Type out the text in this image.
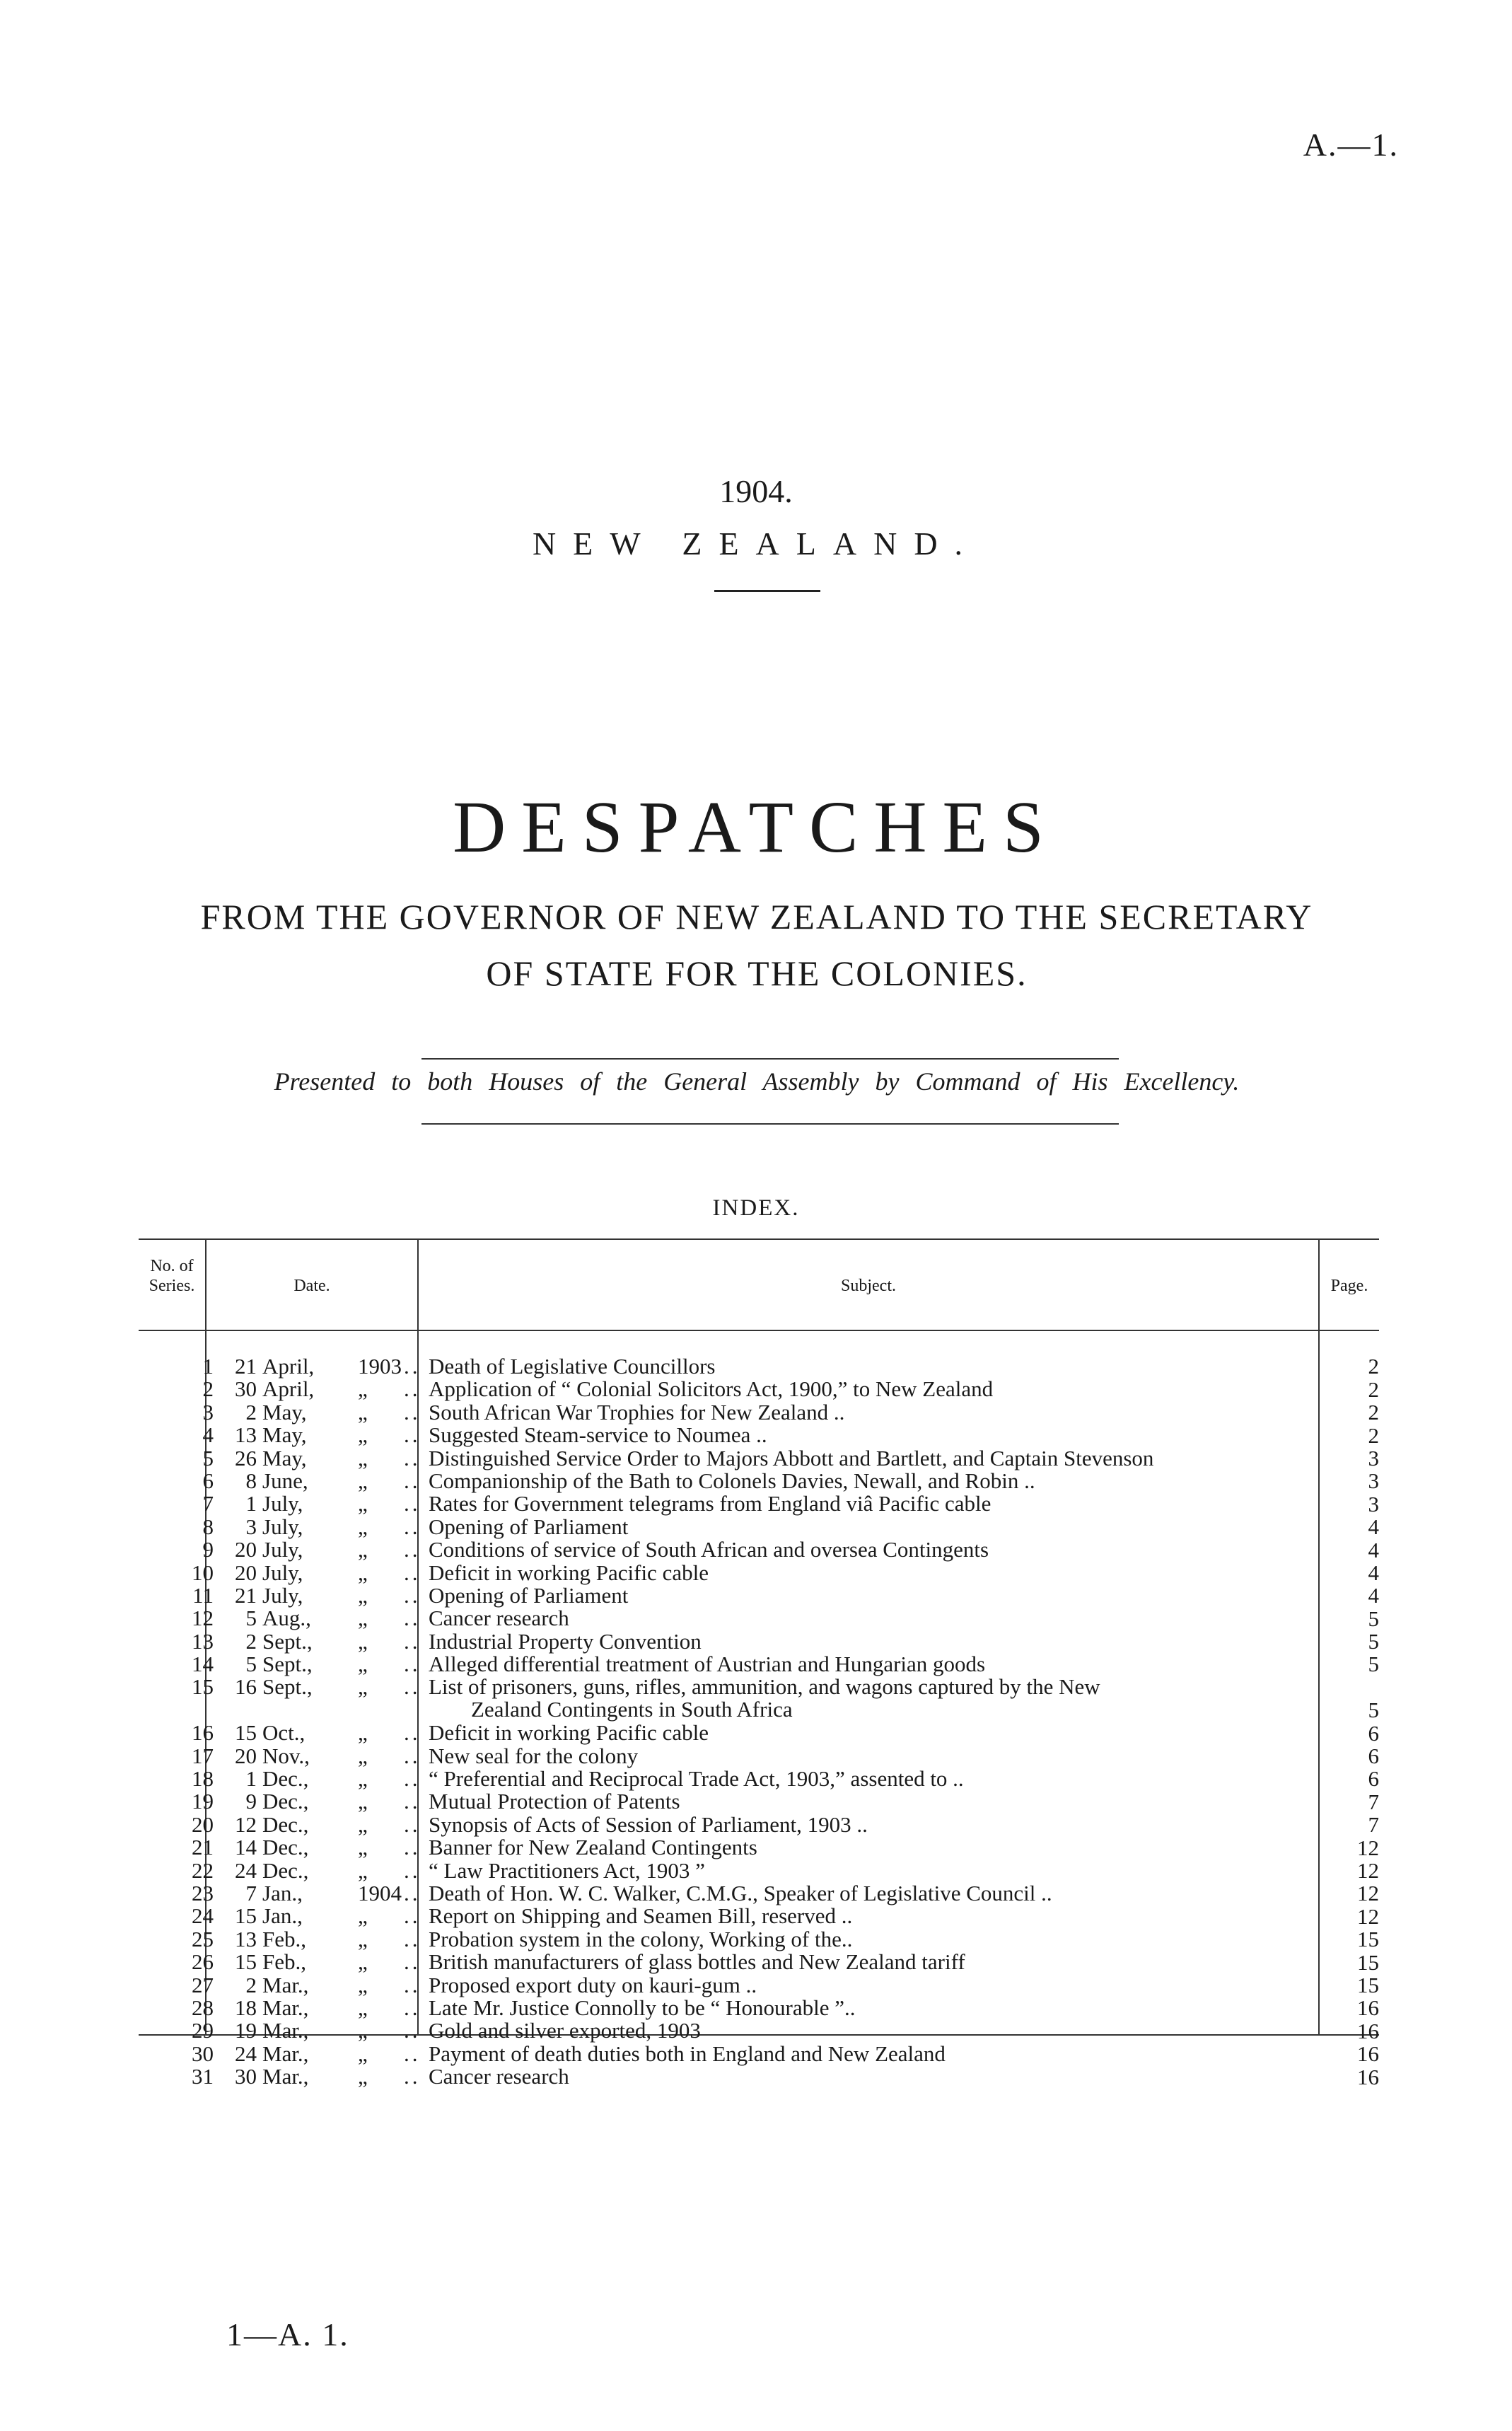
A.—1.
1904.
NEW ZEALAND.
DESPATCHES
FROM THE GOVERNOR OF NEW ZEALAND TO THE SECRETARY
OF STATE FOR THE COLONIES.
Presented to both Houses of the General Assembly by Command of His Excellency.
INDEX.
No. of Series.	Date.	Subject.	Page.
1 21 April, 1903 .. Death of Legislative Councillors	2
2 30 April, „ .. Application of “ Colonial Solicitors Act, 1900,” to New Zealand	2
3	2 May, „ .. South African War Trophies for New Zealand ..	2
4 13 May, „ .. Suggested Steam-service to Noumea ..	2
5 26 May, „ .. Distinguished Service Order to Majors Abbott and Bartlett, and Captain Stevenson	3
6	8 June, „ .. Companionship of the Bath to Colonels Davies, Newall, and Robin ..	3
7	1 July,	„ .. Rates for Government telegrams from England viâ Pacific cable	3
8	3 July,	„ .. Opening of Parliament	4
9 20 July,	„ .. Conditions of service of South African and oversea Contingents	4
10 20 July,	„ .. Deficit in working Pacific cable	4
11 21 July,	„ .. Opening of Parliament	4
12	5 Aug., „ .. Cancer research	5
13	2 Sept., „ .. Industrial Property Convention	5
14	5 Sept., „ .. Alleged differential treatment of Austrian and Hungarian goods	5
15 16 Sept., „ .. List of prisoners, guns, rifles, ammunition, and wagons captured by the New
Zealand Contingents in South Africa	5
16 15 Oct., „ .. Deficit in working Pacific cable	6
17 20 Nov., „ .. New seal for the colony	6
18	1 Dec., „ .. “ Preferential and Reciprocal Trade Act, 1903,” assented to ..	6
19	9 Dec., „ .. Mutual Protection of Patents	7
20 12 Dec., „ .. Synopsis of Acts of Session of Parliament, 1903 ..	7
21 14 Dec., „ .. Banner for New Zealand Contingents	12
22 24 Dec., „ .. “ Law Practitioners Act, 1903 ”	12
23	7 Jan.,	1904 .. Death of Hon. W. C. Walker, C.M.G., Speaker of Legislative Council ..	12
24 15 Jan.,	„ .. Report on Shipping and Seamen Bill, reserved ..	12
25 13 Feb., „ .. Probation system in the colony, Working of the..	15
26 15 Feb., „ .. British manufacturers of glass bottles and New Zealand tariff	15
27	2 Mar., „ .. Proposed export duty on kauri-gum ..	15
28 18 Mar., „ .. Late Mr. Justice Connolly to be “ Honourable ”..	16
29 19 Mar., „ .. Gold and silver exported, 1903	16
30 24 Mar., „ .. Payment of death duties both in England and New Zealand	16
31 30 Mar., „ .. Cancer research	16
1—A. 1.
